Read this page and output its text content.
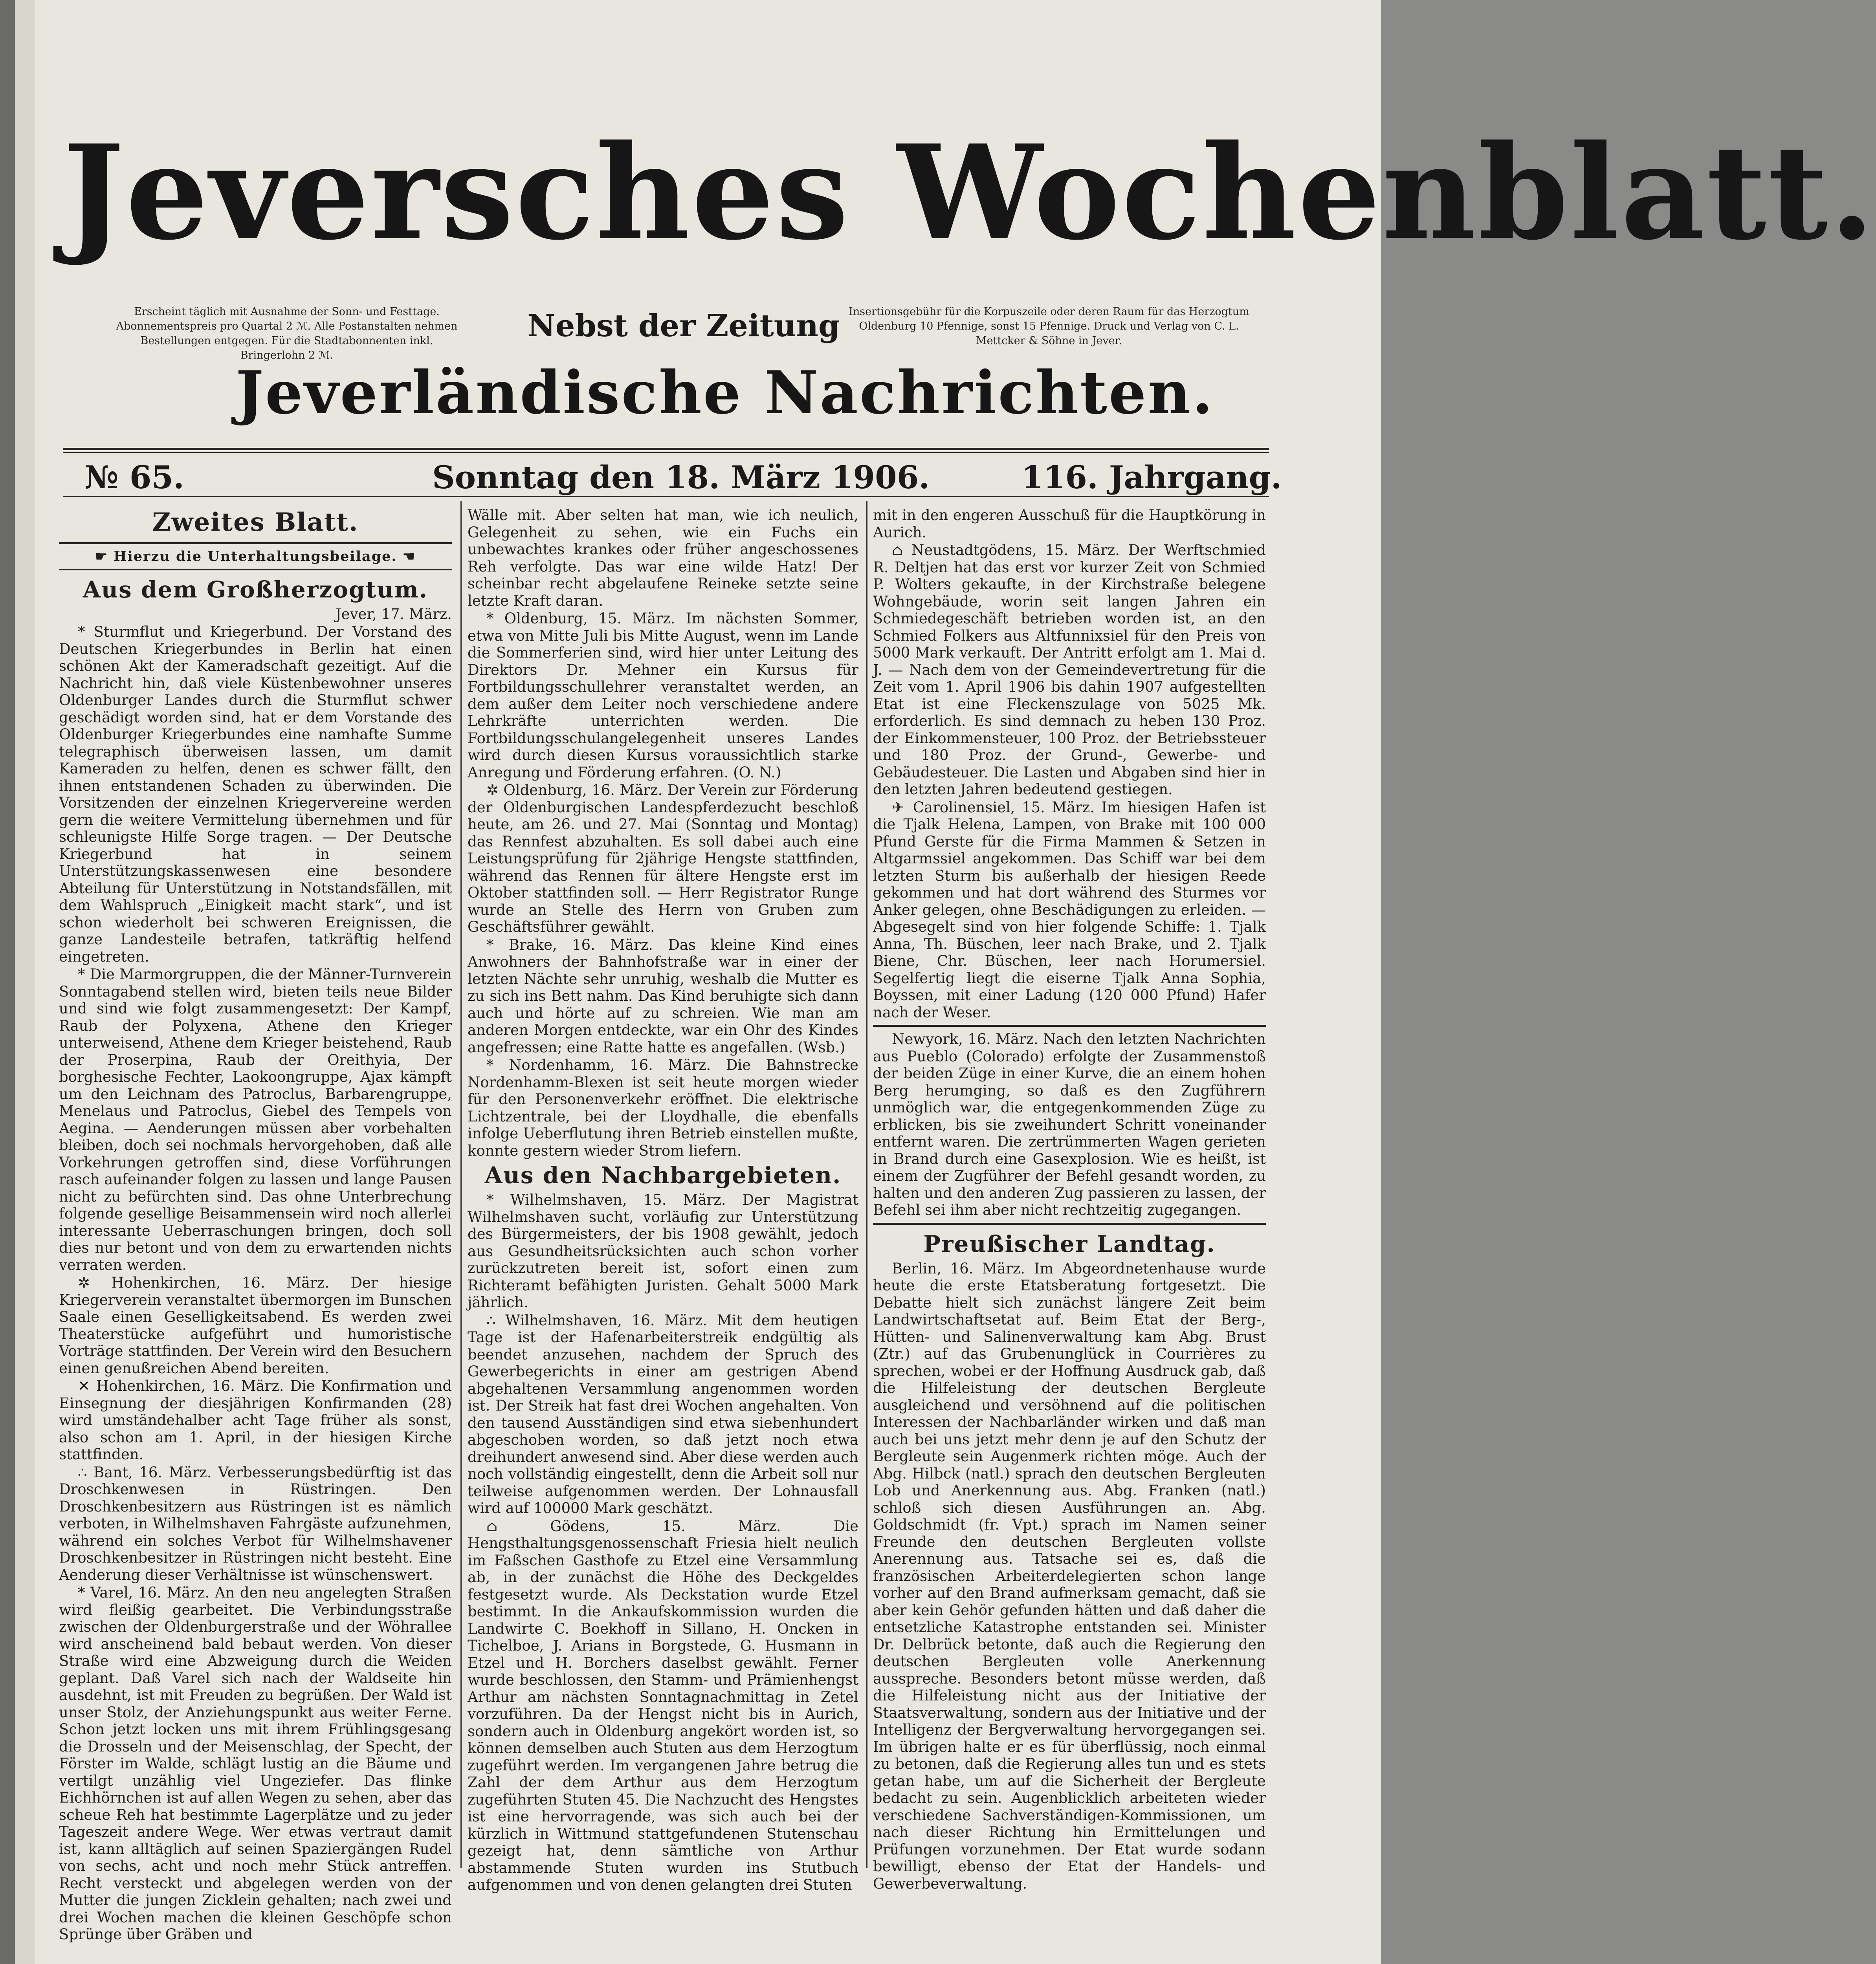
Jeversches Wochenblatt.
Erscheint täglich mit Ausnahme der Sonn- und Festtage. Abonnementspreis pro Quartal 2 ℳ. Alle Postanstalten nehmen Bestellungen entgegen. Für die Stadtabonnenten inkl. Bringerlohn 2 ℳ.
Nebst der Zeitung Insertionsgebühr für die Korpuszeile oder deren Raum für das Herzogtum Oldenburg 10 Pfennige, sonst 15 Pfennige. Druck und Verlag von C. L. Mettcker & Söhne in Jever.
Jeverländische Nachrichten.
№ 65.	Sonntag den 18. März 1906.	116. Jahrgang.

Zweites Blatt.

☛ Hierzu die Unterhaltungsbeilage. ☚

Aus dem Großherzogtum.

Jever, 17. März.

* Sturmflut und Kriegerbund. Der Vorstand des Deutschen Kriegerbundes in Berlin hat einen schönen Akt der Kameradschaft gezeitigt. Auf die Nachricht hin, daß viele Küstenbewohner unseres Oldenburger Landes durch die Sturmflut schwer geschädigt worden sind, hat er dem Vorstande des Oldenburger Kriegerbundes eine namhafte Summe telegraphisch überweisen lassen, um damit Kameraden zu helfen, denen es schwer fällt, den ihnen entstandenen Schaden zu überwinden. Die Vorsitzenden der einzelnen Kriegervereine werden gern die weitere Vermittelung übernehmen und für schleunigste Hilfe Sorge tragen. — Der Deutsche Kriegerbund hat in seinem Unterstützungskassenwesen eine besondere Abteilung für Unterstützung in Notstandsfällen, mit dem Wahlspruch „Einigkeit macht stark“, und ist schon wiederholt bei schweren Ereignissen, die ganze Landesteile betrafen, tatkräftig helfend eingetreten.

* Die Marmorgruppen, die der Männer-Turnverein Sonntagabend stellen wird, bieten teils neue Bilder und sind wie folgt zusammengesetzt: Der Kampf, Raub der Polyxena, Athene den Krieger unterweisend, Athene dem Krieger beistehend, Raub der Proserpina, Raub der Oreithyia, Der borghesische Fechter, Laokoongruppe, Ajax kämpft um den Leichnam des Patroclus, Barbarengruppe, Menelaus und Patroclus, Giebel des Tempels von Aegina. — Aenderungen müssen aber vorbehalten bleiben, doch sei nochmals hervorgehoben, daß alle Vorkehrungen getroffen sind, diese Vorführungen rasch aufeinander folgen zu lassen und lange Pausen nicht zu befürchten sind. Das ohne Unterbrechung folgende gesellige Beisammensein wird noch allerlei interessante Ueberraschungen bringen, doch soll dies nur betont und von dem zu erwartenden nichts verraten werden.

✲ Hohenkirchen, 16. März. Der hiesige Kriegerverein veranstaltet übermorgen im Bunschen Saale einen Geselligkeitsabend. Es werden zwei Theaterstücke aufgeführt und humoristische Vorträge stattfinden. Der Verein wird den Besuchern einen genußreichen Abend bereiten.

✕ Hohenkirchen, 16. März. Die Konfirmation und Einsegnung der diesjährigen Konfirmanden (28) wird umständehalber acht Tage früher als sonst, also schon am 1. April, in der hiesigen Kirche stattfinden.

∴ Bant, 16. März. Verbesserungsbedürftig ist das Droschkenwesen in Rüstringen. Den Droschkenbesitzern aus Rüstringen ist es nämlich verboten, in Wilhelmshaven Fahrgäste aufzunehmen, während ein solches Verbot für Wilhelmshavener Droschkenbesitzer in Rüstringen nicht besteht. Eine Aenderung dieser Verhältnisse ist wünschenswert.

* Varel, 16. März. An den neu angelegten Straßen wird fleißig gearbeitet. Die Verbindungsstraße zwischen der Oldenburgerstraße und der Wöhrallee wird anscheinend bald bebaut werden. Von dieser Straße wird eine Abzweigung durch die Weiden geplant. Daß Varel sich nach der Waldseite hin ausdehnt, ist mit Freuden zu begrüßen. Der Wald ist unser Stolz, der Anziehungspunkt aus weiter Ferne. Schon jetzt locken uns mit ihrem Frühlingsgesang die Drosseln und der Meisenschlag, der Specht, der Förster im Walde, schlägt lustig an die Bäume und vertilgt unzählig viel Ungeziefer. Das flinke Eichhörnchen ist auf allen Wegen zu sehen, aber das scheue Reh hat bestimmte Lagerplätze und zu jeder Tageszeit andere Wege. Wer etwas vertraut damit ist, kann alltäglich auf seinen Spaziergängen Rudel von sechs, acht und noch mehr Stück antreffen. Recht versteckt und abgelegen werden von der Mutter die jungen Zicklein gehalten; nach zwei und drei Wochen machen die kleinen Geschöpfe schon Sprünge über Gräben und

Wälle mit. Aber selten hat man, wie ich neulich, Gelegenheit zu sehen, wie ein Fuchs ein unbewachtes krankes oder früher angeschossenes Reh verfolgte. Das war eine wilde Hatz! Der scheinbar recht abgelaufene Reineke setzte seine letzte Kraft daran.

* Oldenburg, 15. März. Im nächsten Sommer, etwa von Mitte Juli bis Mitte August, wenn im Lande die Sommerferien sind, wird hier unter Leitung des Direktors Dr. Mehner ein Kursus für Fortbildungsschullehrer veranstaltet werden, an dem außer dem Leiter noch verschiedene andere Lehrkräfte unterrichten werden. Die Fortbildungsschulangelegenheit unseres Landes wird durch diesen Kursus voraussichtlich starke Anregung und Förderung erfahren. (O. N.)

✲ Oldenburg, 16. März. Der Verein zur Förderung der Oldenburgischen Landespferdezucht beschloß heute, am 26. und 27. Mai (Sonntag und Montag) das Rennfest abzuhalten. Es soll dabei auch eine Leistungsprüfung für 2jährige Hengste stattfinden, während das Rennen für ältere Hengste erst im Oktober stattfinden soll. — Herr Registrator Runge wurde an Stelle des Herrn von Gruben zum Geschäftsführer gewählt.

* Brake, 16. März. Das kleine Kind eines Anwohners der Bahnhofstraße war in einer der letzten Nächte sehr unruhig, weshalb die Mutter es zu sich ins Bett nahm. Das Kind beruhigte sich dann auch und hörte auf zu schreien. Wie man am anderen Morgen entdeckte, war ein Ohr des Kindes angefressen; eine Ratte hatte es angefallen. (Wsb.)

* Nordenhamm, 16. März. Die Bahnstrecke Nordenhamm-Blexen ist seit heute morgen wieder für den Personenverkehr eröffnet. Die elektrische Lichtzentrale, bei der Lloydhalle, die ebenfalls infolge Ueberflutung ihren Betrieb einstellen mußte, konnte gestern wieder Strom liefern.

Aus den Nachbargebieten.

* Wilhelmshaven, 15. März. Der Magistrat Wilhelmshaven sucht, vorläufig zur Unterstützung des Bürgermeisters, der bis 1908 gewählt, jedoch aus Gesundheitsrücksichten auch schon vorher zurückzutreten bereit ist, sofort einen zum Richteramt befähigten Juristen. Gehalt 5000 Mark jährlich.

∴ Wilhelmshaven, 16. März. Mit dem heutigen Tage ist der Hafenarbeiterstreik endgültig als beendet anzusehen, nachdem der Spruch des Gewerbegerichts in einer am gestrigen Abend abgehaltenen Versammlung angenommen worden ist. Der Streik hat fast drei Wochen angehalten. Von den tausend Ausständigen sind etwa siebenhundert abgeschoben worden, so daß jetzt noch etwa dreihundert anwesend sind. Aber diese werden auch noch vollständig eingestellt, denn die Arbeit soll nur teilweise aufgenommen werden. Der Lohnausfall wird auf 100000 Mark geschätzt.

⌂ Gödens, 15. März. Die Hengsthaltungsgenossenschaft Friesia hielt neulich im Faßschen Gasthofe zu Etzel eine Versammlung ab, in der zunächst die Höhe des Deckgeldes festgesetzt wurde. Als Deckstation wurde Etzel bestimmt. In die Ankaufskommission wurden die Landwirte C. Boekhoff in Sillano, H. Oncken in Tichelboe, J. Arians in Borgstede, G. Husmann in Etzel und H. Borchers daselbst gewählt. Ferner wurde beschlossen, den Stamm- und Prämienhengst Arthur am nächsten Sonntagnachmittag in Zetel vorzuführen. Da der Hengst nicht bis in Aurich, sondern auch in Oldenburg angekört worden ist, so können demselben auch Stuten aus dem Herzogtum zugeführt werden. Im vergangenen Jahre betrug die Zahl der dem Arthur aus dem Herzogtum zugeführten Stuten 45. Die Nachzucht des Hengstes ist eine hervorragende, was sich auch bei der kürzlich in Wittmund stattgefundenen Stutenschau gezeigt hat, denn sämtliche von Arthur abstammende Stuten wurden ins Stutbuch aufgenommen und von denen gelangten drei Stuten

mit in den engeren Ausschuß für die Hauptkörung in Aurich.

⌂ Neustadtgödens, 15. März. Der Werftschmied R. Deltjen hat das erst vor kurzer Zeit von Schmied P. Wolters gekaufte, in der Kirchstraße belegene Wohngebäude, worin seit langen Jahren ein Schmiedegeschäft betrieben worden ist, an den Schmied Folkers aus Altfunnixsiel für den Preis von 5000 Mark verkauft. Der Antritt erfolgt am 1. Mai d. J. — Nach dem von der Gemeindevertretung für die Zeit vom 1. April 1906 bis dahin 1907 aufgestellten Etat ist eine Fleckenszulage von 5025 Mk. erforderlich. Es sind demnach zu heben 130 Proz. der Einkommensteuer, 100 Proz. der Betriebssteuer und 180 Proz. der Grund-, Gewerbe- und Gebäudesteuer. Die Lasten und Abgaben sind hier in den letzten Jahren bedeutend gestiegen.

✈ Carolinensiel, 15. März. Im hiesigen Hafen ist die Tjalk Helena, Lampen, von Brake mit 100 000 Pfund Gerste für die Firma Mammen & Setzen in Altgarmssiel angekommen. Das Schiff war bei dem letzten Sturm bis außerhalb der hiesigen Reede gekommen und hat dort während des Sturmes vor Anker gelegen, ohne Beschädigungen zu erleiden. — Abgesegelt sind von hier folgende Schiffe: 1. Tjalk Anna, Th. Büschen, leer nach Brake, und 2. Tjalk Biene, Chr. Büschen, leer nach Horumersiel. Segelfertig liegt die eiserne Tjalk Anna Sophia, Boyssen, mit einer Ladung (120 000 Pfund) Hafer nach der Weser.

Newyork, 16. März. Nach den letzten Nachrichten aus Pueblo (Colorado) erfolgte der Zusammenstoß der beiden Züge in einer Kurve, die an einem hohen Berg herumging, so daß es den Zugführern unmöglich war, die entgegenkommenden Züge zu erblicken, bis sie zweihundert Schritt voneinander entfernt waren. Die zertrümmerten Wagen gerieten in Brand durch eine Gasexplosion. Wie es heißt, ist einem der Zugführer der Befehl gesandt worden, zu halten und den anderen Zug passieren zu lassen, der Befehl sei ihm aber nicht rechtzeitig zugegangen.

Preußischer Landtag.

Berlin, 16. März. Im Abgeordnetenhause wurde heute die erste Etatsberatung fortgesetzt. Die Debatte hielt sich zunächst längere Zeit beim Landwirtschaftsetat auf. Beim Etat der Berg-, Hütten- und Salinenverwaltung kam Abg. Brust (Ztr.) auf das Grubenunglück in Courrières zu sprechen, wobei er der Hoffnung Ausdruck gab, daß die Hilfeleistung der deutschen Bergleute ausgleichend und versöhnend auf die politischen Interessen der Nachbarländer wirken und daß man auch bei uns jetzt mehr denn je auf den Schutz der Bergleute sein Augenmerk richten möge. Auch der Abg. Hilbck (natl.) sprach den deutschen Bergleuten Lob und Anerkennung aus. Abg. Franken (natl.) schloß sich diesen Ausführungen an. Abg. Goldschmidt (fr. Vpt.) sprach im Namen seiner Freunde den deutschen Bergleuten vollste Anerennung aus. Tatsache sei es, daß die französischen Arbeiterdelegierten schon lange vorher auf den Brand aufmerksam gemacht, daß sie aber kein Gehör gefunden hätten und daß daher die entsetzliche Katastrophe entstanden sei. Minister Dr. Delbrück betonte, daß auch die Regierung den deutschen Bergleuten volle Anerkennung ausspreche. Besonders betont müsse werden, daß die Hilfeleistung nicht aus der Initiative der Staatsverwaltung, sondern aus der Initiative und der Intelligenz der Bergverwaltung hervorgegangen sei. Im übrigen halte er es für überflüssig, noch einmal zu betonen, daß die Regierung alles tun und es stets getan habe, um auf die Sicherheit der Bergleute bedacht zu sein. Augenblicklich arbeiteten wieder verschiedene Sachverständigen-Kommissionen, um nach dieser Richtung hin Ermittelungen und Prüfungen vorzunehmen. Der Etat wurde sodann bewilligt, ebenso der Etat der Handels- und Gewerbeverwaltung.
